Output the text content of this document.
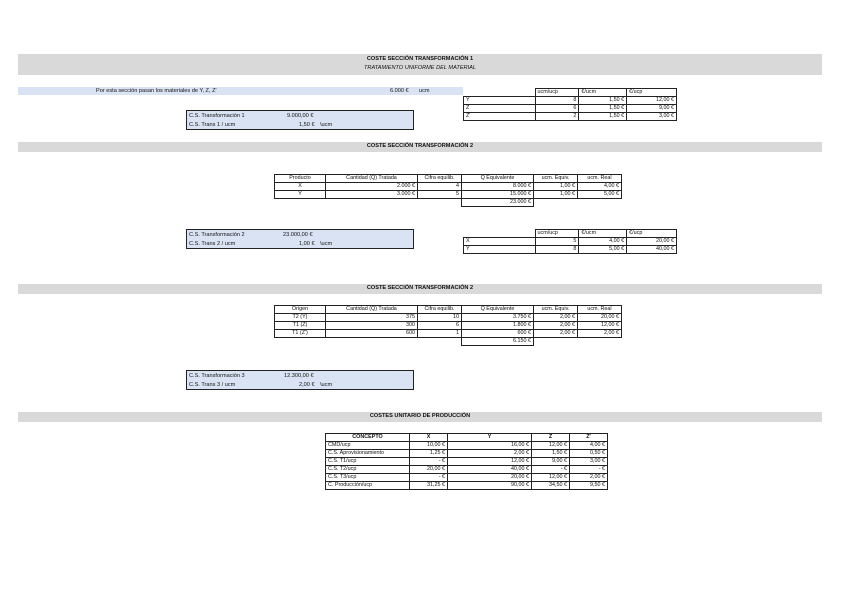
COSTE SECCIÓN TRANSFORMACIÓN 1
TRATAMIENTO UNIFORME DEL MATERIAL
Por esta sección pasan los materiales de Y, Z, Z'	6.000 € ucm
C.S. Transformación 1	9.000,00 €
C.S. Trans 1 / ucm	1,50 € \ucm
	ucm/ucp	€/ucm	€/ucp
Y	8	1,50 €	12,00 €
Z	6	1,50 €	9,00 €
Z'	2	1,50 €	3,00 €
COSTE SECCIÓN TRANSFORMACIÓN 2
Producto	Cantidad (Q) Tratada	Cifra equilib.	Q Equivalente	ucm. Equiv.	ucm. Real
X	2.000 €	4	8.000 €	1,00 €	4,00 €
Y	3.000 €	5	15.000 €	1,00 €	5,00 €
			23.000 €		
C.S. Transformación 2	23.000,00 €
C.S. Trans 2 / ucm	1,00 € \ucm
	ucm/ucp	€/ucm	€/ucp
X	5	4,00 €	20,00 €
Y	8	5,00 €	40,00 €
COSTE SECCIÓN TRANSFORMACIÓN 2
Origen	Cantidad (Q) Tratada	Cifra equilib.	Q Equivalente	ucm. Equiv.	ucm. Real
T2 (Y)	375	10	3.750 €	2,00 €	20,00 €
T1 (Z)	300	6	1.800 €	2,00 €	12,00 €
T1 (Z')	600	1	600 €	2,00 €	2,00 €
			6.150 €		
C.S. Transformación 3	12.300,00 €
C.S. Trans 3 / ucm	2,00 € \ucm
COSTES UNITARIO DE PRODUCCIÓN
CONCEPTO	X	Y	Z	Z'
CMD/ucp	10,00 €	16,00 €	12,00 €	4,00 €
C.S. Aprovisionamiento	1,25 €	2,00 €	1,50 €	0,50 €
C.S. T1/ucp	- €	12,00 €	9,00 €	3,00 €
C.S. T2/ucp	20,00 €	40,00 €	- €	- €
C.S. T3/ucp	- €	20,00 €	12,00 €	2,00 €
C. Producción/ucp	31,25 €	90,00 €	34,50 €	9,50 €
